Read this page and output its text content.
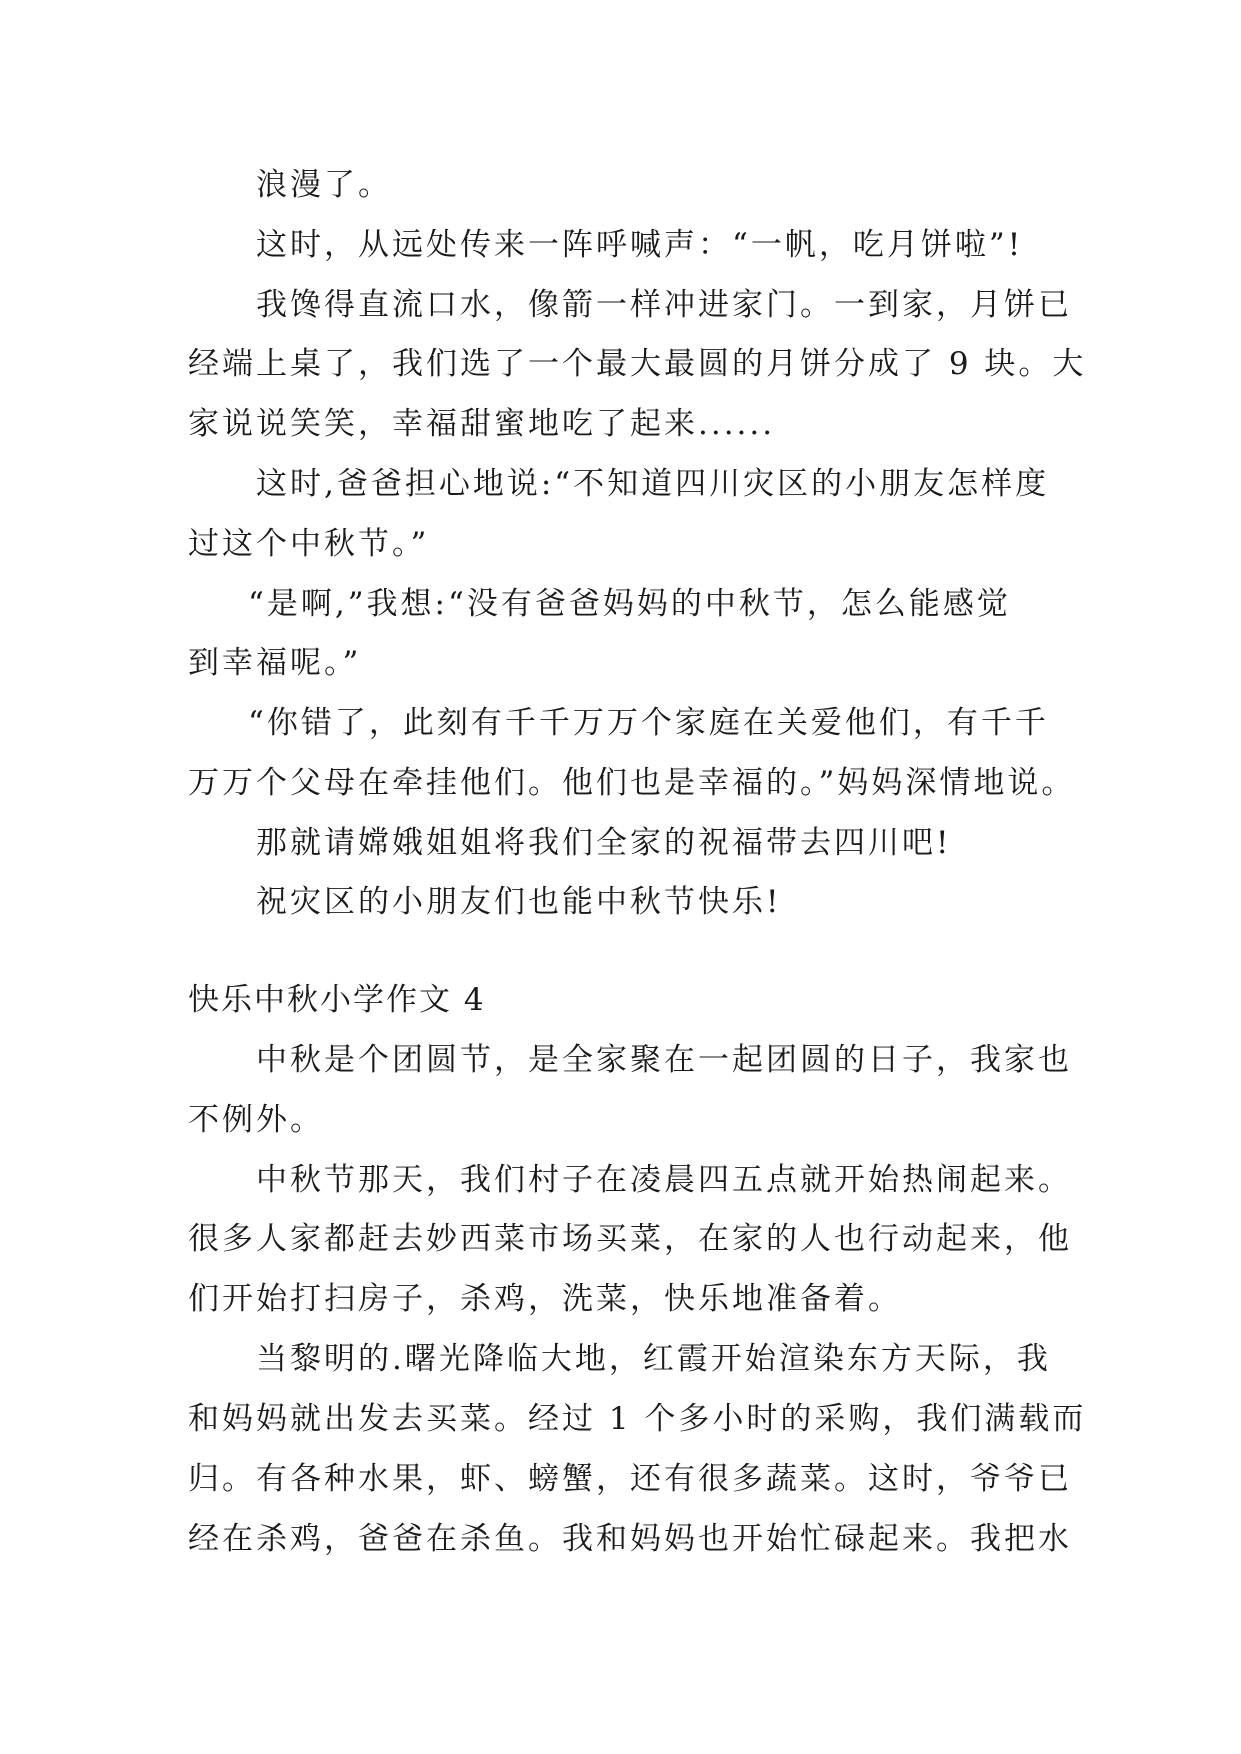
浪漫了。
这时，从远处传来一阵呼喊声：“一帆，吃月饼啦”!
我馋得直流口水，像箭一样冲进家门。一到家，月饼已
经端上桌了，我们选了一个最大最圆的月饼分成了 9 块。大
家说说笑笑，幸福甜蜜地吃了起来......
这时,爸爸担心地说:“不知道四川灾区的小朋友怎样度
过这个中秋节。”
“是啊,”我想:“没有爸爸妈妈的中秋节，怎么能感觉
到幸福呢。”
“你错了，此刻有千千万万个家庭在关爱他们，有千千
万万个父母在牵挂他们。他们也是幸福的。”妈妈深情地说。
那就请嫦娥姐姐将我们全家的祝福带去四川吧!
祝灾区的小朋友们也能中秋节快乐!
快乐中秋小学作文 4
中秋是个团圆节，是全家聚在一起团圆的日子，我家也
不例外。
中秋节那天，我们村子在凌晨四五点就开始热闹起来。
很多人家都赶去妙西菜市场买菜，在家的人也行动起来，他
们开始打扫房子，杀鸡，洗菜，快乐地准备着。
当黎明的.曙光降临大地，红霞开始渲染东方天际，我
和妈妈就出发去买菜。经过 1 个多小时的采购，我们满载而
归。有各种水果，虾、螃蟹，还有很多蔬菜。这时，爷爷已
经在杀鸡，爸爸在杀鱼。我和妈妈也开始忙碌起来。我把水
